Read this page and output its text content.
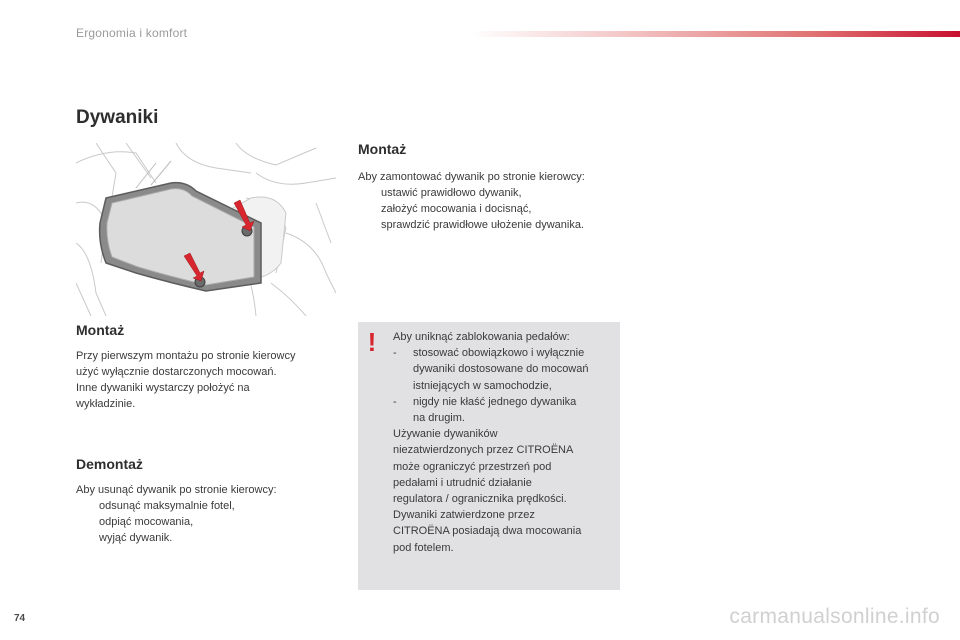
Ergonomia i komfort
Dywaniki
Montaż

Przy pierwszym montażu po stronie kierowcy

użyć wyłącznie dostarczonych mocowań.

Inne dywaniki wystarczy położyć na

wykładzinie.

Demontaż

Aby usunąć dywanik po stronie kierowcy:

odsunąć maksymalnie fotel,
odpiąć mocowania,
wyjąć dywanik.
Montaż

Aby zamontować dywanik po stronie kierowcy:

ustawić prawidłowo dywanik,
założyć mocowania i docisnąć,
sprawdzić prawidłowe ułożenie dywanika.
! Aby uniknąć zablokowania pedałów:

- stosować obowiązkowo i wyłącznie
dywaniki dostosowane do mocowań
istniejących w samochodzie,
- nigdy nie kłaść jednego dywanika
na drugim.

Używanie dywaników

niezatwierdzonych przez CITROËNA

może ograniczyć przestrzeń pod

pedałami i utrudnić działanie

regulatora / ogranicznika prędkości.

Dywaniki zatwierdzone przez

CITROËNA posiadają dwa mocowania

pod fotelem.

74	carmanualsonline.info
